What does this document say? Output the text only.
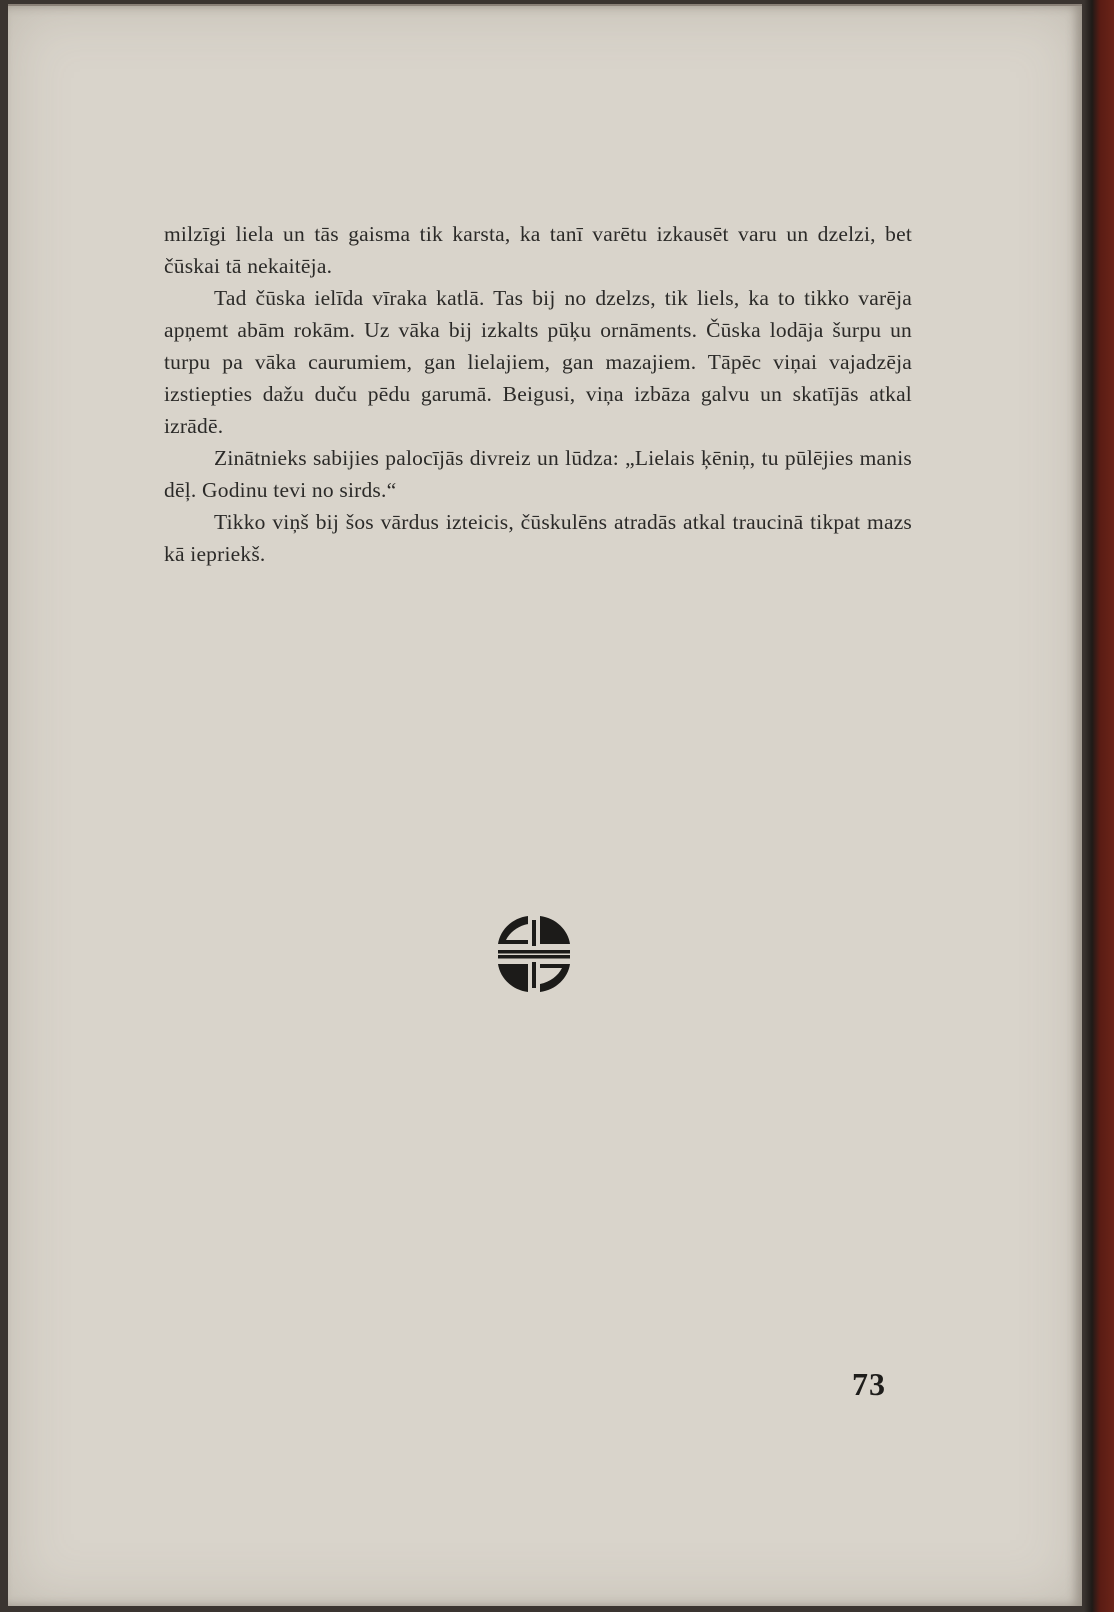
milzīgi liela un tās gaisma tik karsta, ka tanī varētu izkausēt varu un dzelzi, bet čūskai tā nekaitēja.

Tad čūska ielīda vīraka katlā. Tas bij no dzelzs, tik liels, ka to tikko varēja apņemt abām rokām. Uz vāka bij izkalts pūķu ornāments. Čūska lodāja šurpu un turpu pa vāka caurumiem, gan lielajiem, gan mazajiem. Tāpēc viņai vajadzēja izstiepties dažu duču pēdu garumā. Beigusi, viņa izbāza galvu un skatījās atkal izrādē.

Zinātnieks sabijies palocījās divreiz un lūdza: „Lielais ķēniņ, tu pūlējies manis dēļ. Godinu tevi no sirds.“

Tikko viņš bij šos vārdus izteicis, čūskulēns atradās atkal traucinā tikpat mazs kā iepriekš.

73
